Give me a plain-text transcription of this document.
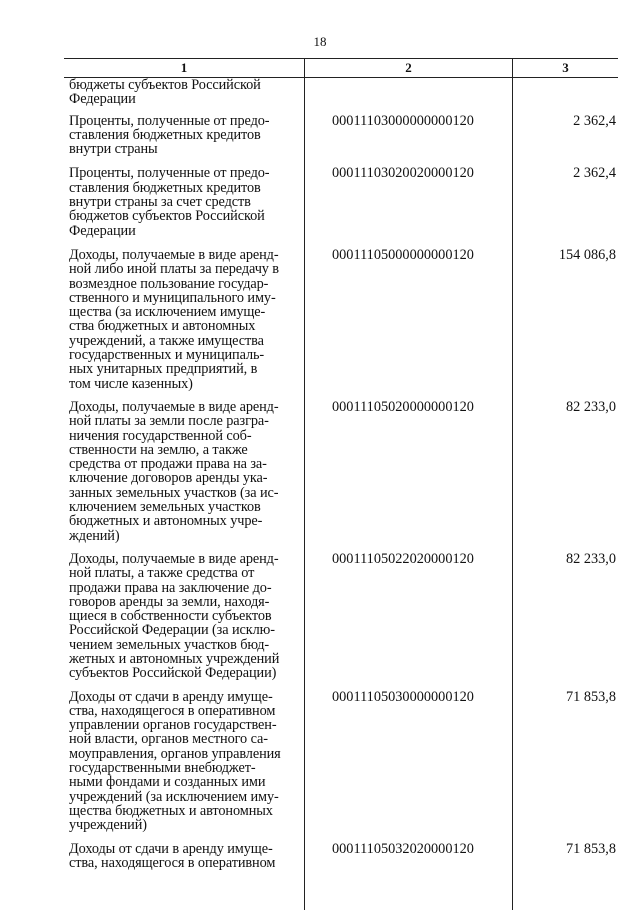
18
1	2	3
бюджеты субъектов Российской
Федерации
Проценты, полученные от предо-
ставления бюджетных кредитов
внутри страны
00011103000000000120	2 362,4
Проценты, полученные от предо-
ставления бюджетных кредитов
внутри страны за счет средств
бюджетов субъектов Российской
Федерации
00011103020020000120	2 362,4
Доходы, получаемые в виде аренд-
ной либо иной платы за передачу в
возмездное пользование государ-
ственного и муниципального иму-
щества (за исключением имуще-
ства бюджетных и автономных
учреждений, а также имущества
государственных и муниципаль-
ных унитарных предприятий, в
том числе казенных)
00011105000000000120	154 086,8
Доходы, получаемые в виде аренд-
ной платы за земли после разгра-
ничения государственной соб-
ственности на землю, а также
средства от продажи права на за-
ключение договоров аренды ука-
занных земельных участков (за ис-
ключением земельных участков
бюджетных и автономных учре-
ждений)
00011105020000000120	82 233,0
Доходы, получаемые в виде аренд-
ной платы, а также средства от
продажи права на заключение до-
говоров аренды за земли, находя-
щиеся в собственности субъектов
Российской Федерации (за исклю-
чением земельных участков бюд-
жетных и автономных учреждений
субъектов Российской Федерации)
00011105022020000120	82 233,0
Доходы от сдачи в аренду имуще-
ства, находящегося в оперативном
управлении органов государствен-
ной власти, органов местного са-
моуправления, органов управления
государственными внебюджет-
ными фондами и созданных ими
учреждений (за исключением иму-
щества бюджетных и автономных
учреждений)
00011105030000000120	71 853,8
Доходы от сдачи в аренду имуще-
ства, находящегося в оперативном
00011105032020000120	71 853,8
